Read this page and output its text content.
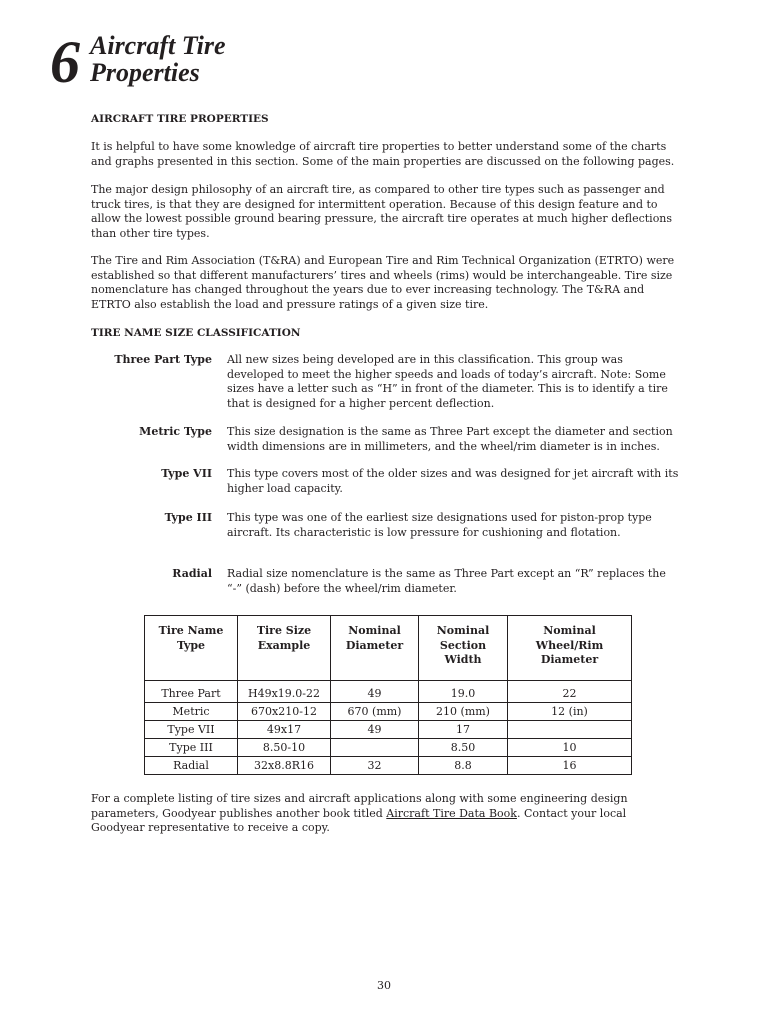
6 Aircraft Tire
Properties
AIRCRAFT TIRE PROPERTIES

It is helpful to have some knowledge of aircraft tire properties to better understand some of the charts and graphs presented in this section. Some of the main properties are discussed on the following pages.

The major design philosophy of an aircraft tire, as compared to other tire types such as passenger and truck tires, is that they are designed for intermittent operation. Because of this design feature and to allow the lowest possible ground bearing pressure, the aircraft tire operates at much higher deflections than other tire types.

The Tire and Rim Association (T&RA) and European Tire and Rim Technical Organization (ETRTO) were established so that different manufacturers’ tires and wheels (rims) would be interchangeable. Tire size nomenclature has changed throughout the years due to ever increasing technology. The T&RA and ETRTO also establish the load and pressure ratings of a given size tire.

TIRE NAME SIZE CLASSIFICATION
Three Part Type All new sizes being developed are in this classification. This group was developed to meet the higher speeds and loads of today’s aircraft. Note: Some sizes have a letter such as “H” in front of the diameter. This is to identify a tire that is designed for a higher percent deflection.

Metric Type This size designation is the same as Three Part except the diameter and section width dimensions are in millimeters, and the wheel/rim diameter is in inches.

Type VII This type covers most of the older sizes and was designed for jet aircraft with its higher load capacity.

Type III This type was one of the earliest size designations used for piston-prop type aircraft. Its characteristic is low pressure for cushioning and flotation.

Radial Radial size nomenclature is the same as Three Part except an “R” replaces the “-” (dash) before the wheel/rim diameter.

Tire Name Type	Tire Size Example	Nominal Diameter	Nominal Section Width	Nominal Wheel/Rim Diameter
Three Part	H49x19.0-22	49	19.0	22
Metric	670x210-12	670 (mm)	210 (mm)	12 (in)
Type VII	49x17	49	17	
Type III	8.50-10		8.50	10
Radial	32x8.8R16	32	8.8	16

For a complete listing of tire sizes and aircraft applications along with some engineering design parameters, Goodyear publishes another book titled Aircraft Tire Data Book. Contact your local Goodyear representative to receive a copy.

30
